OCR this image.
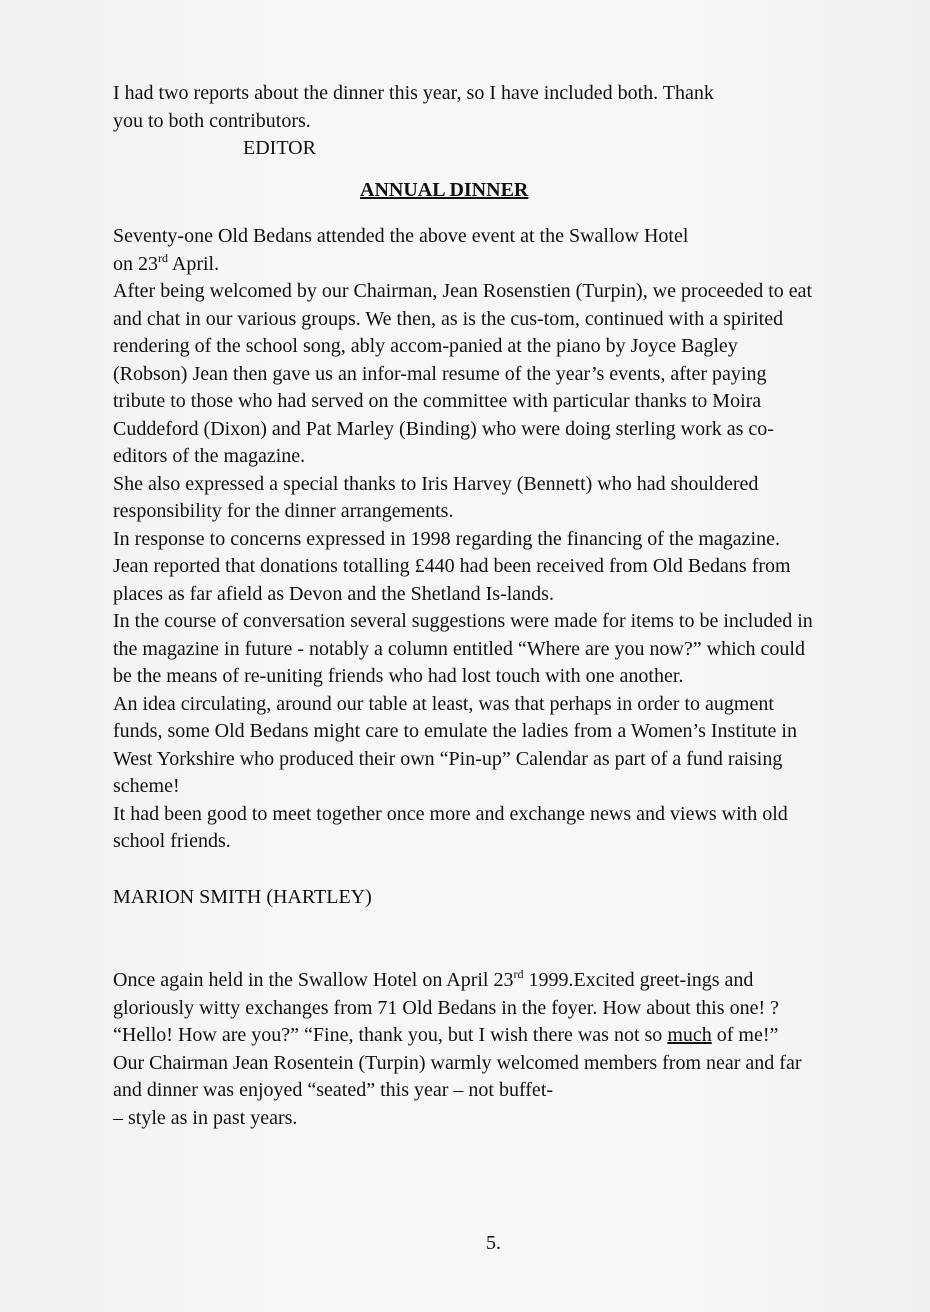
I had two reports about the dinner this year, so I have included both. Thank

you to both contributors.

EDITOR

ANNUAL DINNER

Seventy-one Old Bedans attended the above event at the Swallow Hotel
on 23rd April.

After being welcomed by our Chairman, Jean Rosenstien (Turpin), we proceeded to eat and chat in our various groups. We then, as is the cus-tom, continued with a spirited rendering of the school song, ably accom-panied at the piano by Joyce Bagley (Robson) Jean then gave us an infor-mal resume of the year’s events, after paying tribute to those who had served on the committee with particular thanks to Moira Cuddeford (Dixon) and Pat Marley (Binding) who were doing sterling work as co-editors of the magazine.

She also expressed a special thanks to Iris Harvey (Bennett) who had shouldered responsibility for the dinner arrangements.

In response to concerns expressed in 1998 regarding the financing of the magazine. Jean reported that donations totalling £440 had been received from Old Bedans from places as far afield as Devon and the Shetland Is-lands.

In the course of conversation several suggestions were made for items to be included in the magazine in future - notably a column entitled “Where are you now?” which could be the means of re-uniting friends who had lost touch with one another.

An idea circulating, around our table at least, was that perhaps in order to augment funds, some Old Bedans might care to emulate the ladies from a Women’s Institute in West Yorkshire who produced their own “Pin-up” Calendar as part of a fund raising scheme!

It had been good to meet together once more and exchange news and views with old school friends.

MARION SMITH (HARTLEY)

Once again held in the Swallow Hotel on April 23rd 1999.Excited greet-ings and gloriously witty exchanges from 71 Old Bedans in the foyer. How about this one! ? “Hello! How are you?” “Fine, thank you, but I wish there was not so much of me!”

Our Chairman Jean Rosentein (Turpin) warmly welcomed members from near and far and dinner was enjoyed “seated” this year – not buffet-

– style as in past years.

5.
